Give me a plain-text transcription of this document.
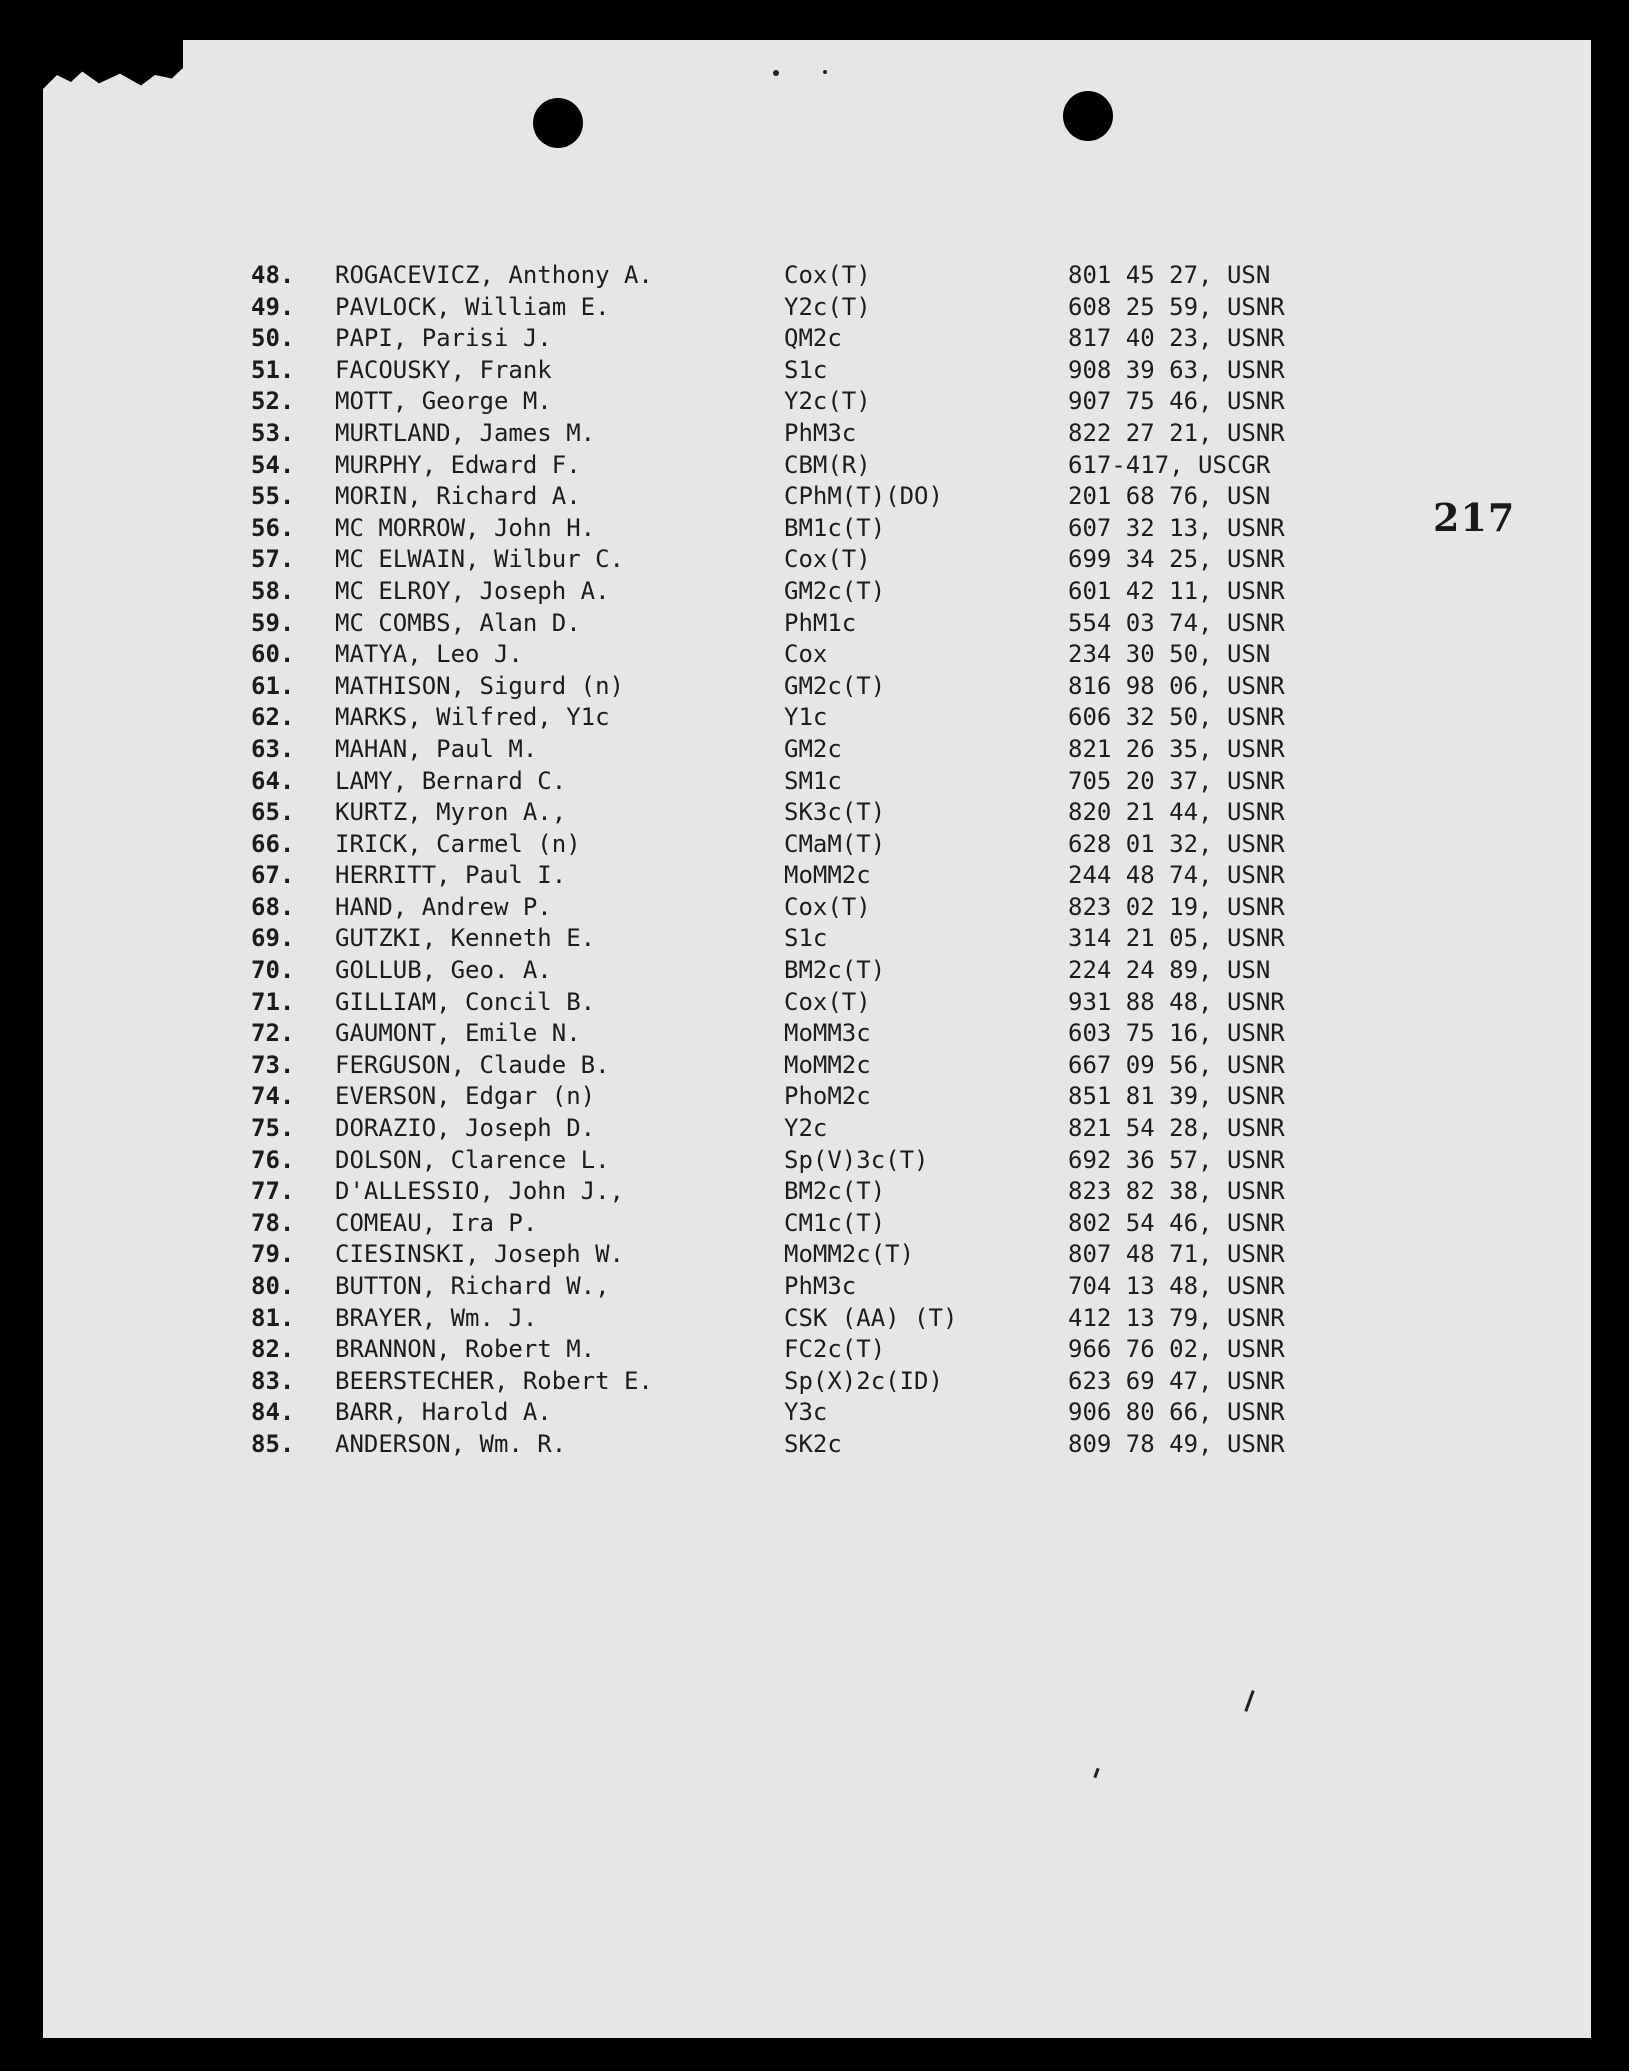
217
48. ROGACEVICZ, Anthony A.	Cox(T)	801 45 27, USN
49. PAVLOCK, William E.	Y2c(T)	608 25 59, USNR
50. PAPI, Parisi J.	QM2c	817 40 23, USNR
51. FACOUSKY, Frank	S1c	908 39 63, USNR
52. MOTT, George M.	Y2c(T)	907 75 46, USNR
53. MURTLAND, James M.	PhM3c	822 27 21, USNR
54. MURPHY, Edward F.	CBM(R)	617-417, USCGR
55. MORIN, Richard A.	CPhM(T)(DO)	201 68 76, USN
56. MC MORROW, John H.	BM1c(T)	607 32 13, USNR
57. MC ELWAIN, Wilbur C.	Cox(T)	699 34 25, USNR
58. MC ELROY, Joseph A.	GM2c(T)	601 42 11, USNR
59. MC COMBS, Alan D.	PhM1c	554 03 74, USNR
60. MATYA, Leo J.	Cox	234 30 50, USN
61. MATHISON, Sigurd (n)	GM2c(T)	816 98 06, USNR
62. MARKS, Wilfred, Y1c	Y1c	606 32 50, USNR
63. MAHAN, Paul M.	GM2c	821 26 35, USNR
64. LAMY, Bernard C.	SM1c	705 20 37, USNR
65. KURTZ, Myron A.,	SK3c(T)	820 21 44, USNR
66. IRICK, Carmel (n)	CMaM(T)	628 01 32, USNR
67. HERRITT, Paul I.	MoMM2c	244 48 74, USNR
68. HAND, Andrew P.	Cox(T)	823 02 19, USNR
69. GUTZKI, Kenneth E.	S1c	314 21 05, USNR
70. GOLLUB, Geo. A.	BM2c(T)	224 24 89, USN
71. GILLIAM, Concil B.	Cox(T)	931 88 48, USNR
72. GAUMONT, Emile N.	MoMM3c	603 75 16, USNR
73. FERGUSON, Claude B.	MoMM2c	667 09 56, USNR
74. EVERSON, Edgar (n)	PhoM2c	851 81 39, USNR
75. DORAZIO, Joseph D.	Y2c	821 54 28, USNR
76. DOLSON, Clarence L.	Sp(V)3c(T)	692 36 57, USNR
77. D'ALLESSIO, John J.,	BM2c(T)	823 82 38, USNR
78. COMEAU, Ira P.	CM1c(T)	802 54 46, USNR
79. CIESINSKI, Joseph W.	MoMM2c(T)	807 48 71, USNR
80. BUTTON, Richard W.,	PhM3c	704 13 48, USNR
81. BRAYER, Wm. J.	CSK (AA) (T)	412 13 79, USNR
82. BRANNON, Robert M.	FC2c(T)	966 76 02, USNR
83. BEERSTECHER, Robert E.	Sp(X)2c(ID)	623 69 47, USNR
84. BARR, Harold A.	Y3c	906 80 66, USNR
85. ANDERSON, Wm. R.	SK2c	809 78 49, USNR
